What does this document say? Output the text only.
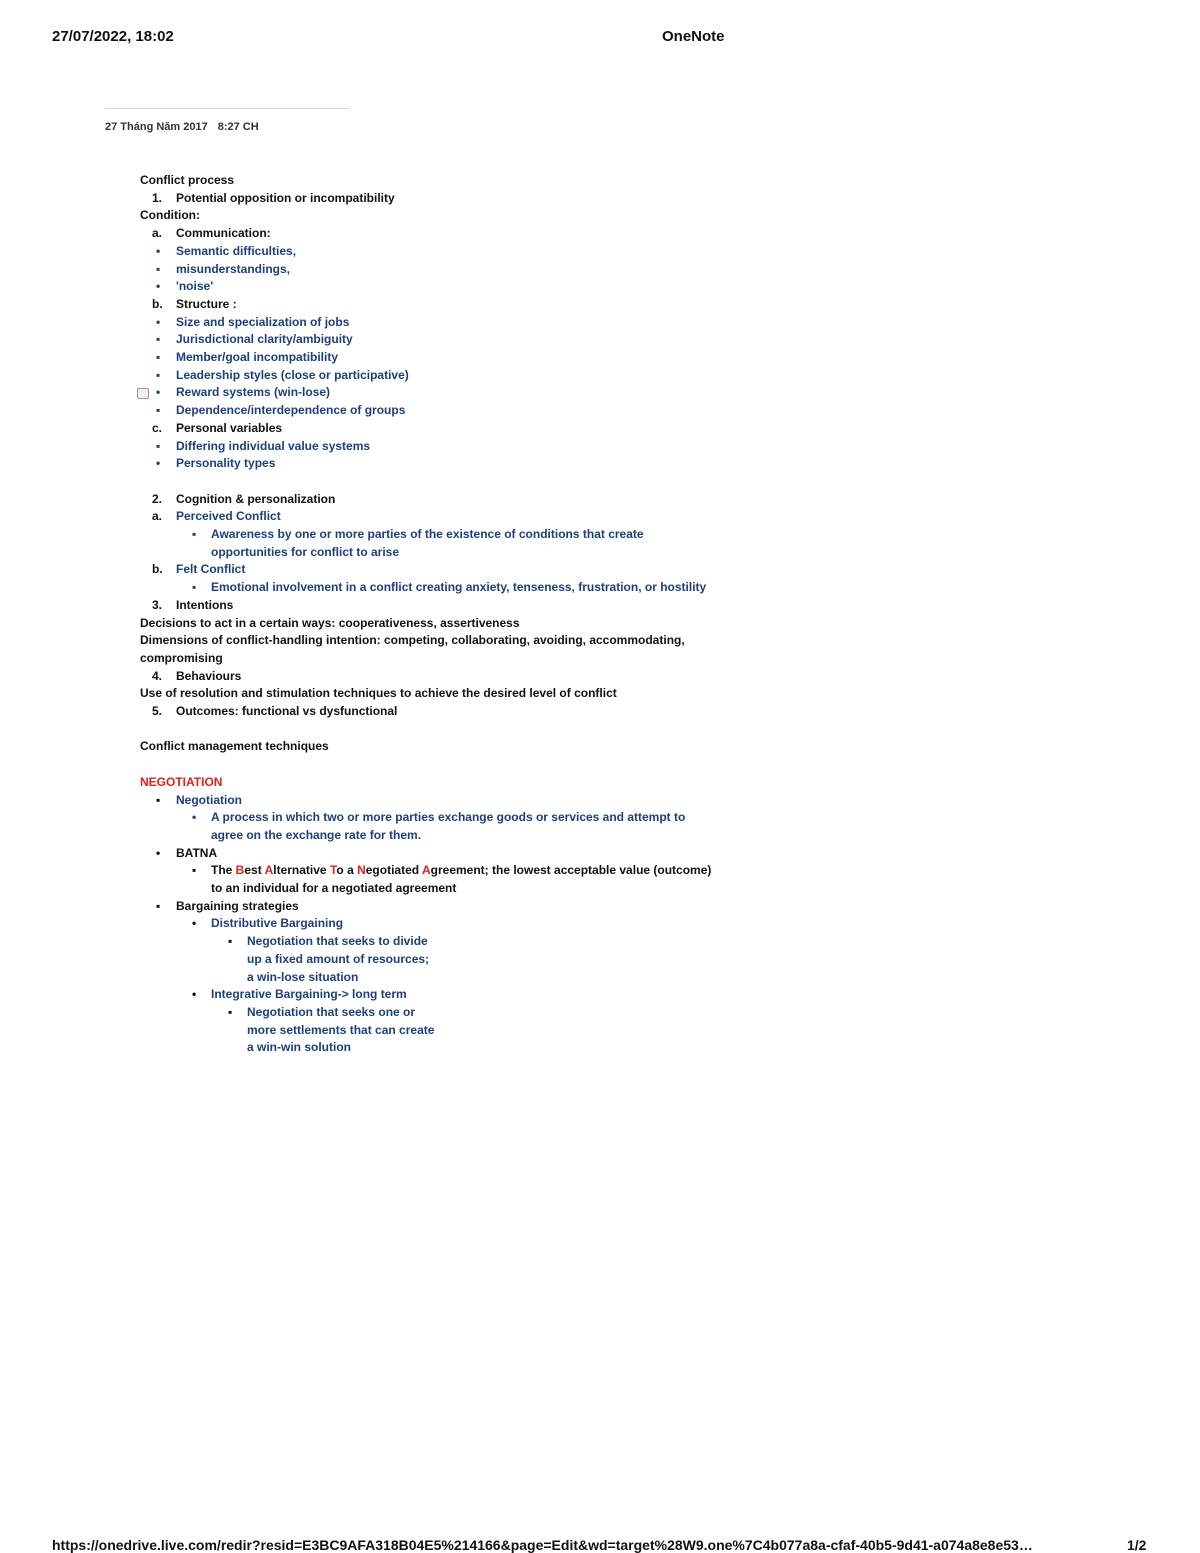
27/07/2022, 18:02	OneNote
27 Tháng Năm 2017 8:27 CH
Conflict process
1. Potential opposition or incompatibility
Condition:
a. Communication:
• Semantic difficulties,
▪ misunderstandings,
• 'noise'
b. Structure :
• Size and specialization of jobs
▪ Jurisdictional clarity/ambiguity
▪ Member/goal incompatibility
▪ Leadership styles (close or participative)
• Reward systems (win-lose)
▪ Dependence/interdependence of groups
c. Personal variables
▪ Differing individual value systems
• Personality types
2. Cognition & personalization
a. Perceived Conflict
▪ Awareness by one or more parties of the existence of conditions that create opportunities for conflict to arise
b. Felt Conflict
▪ Emotional involvement in a conflict creating anxiety, tenseness, frustration, or hostility
3. Intentions
Decisions to act in a certain ways: cooperativeness, assertiveness
Dimensions of conflict-handling intention: competing, collaborating, avoiding, accommodating, compromising
4. Behaviours
Use of resolution and stimulation techniques to achieve the desired level of conflict
5. Outcomes: functional vs dysfunctional
Conflict management techniques
NEGOTIATION
▪ Negotiation
• A process in which two or more parties exchange goods or services and attempt to agree on the exchange rate for them.
• BATNA
▪ The Best Alternative To a Negotiated Agreement; the lowest acceptable value (outcome) to an individual for a negotiated agreement
▪ Bargaining strategies
• Distributive Bargaining
▪ Negotiation that seeks to divide
up a fixed amount of resources;
a win-lose situation
• Integrative Bargaining-> long term
▪ Negotiation that seeks one or
more settlements that can create
a win-win solution
https://onedrive.live.com/redir?resid=E3BC9AFA318B04E5%214166&page=Edit&wd=target%28W9.one%7C4b077a8a-cfaf-40b5-9d41-a074a8e8e53…	1/2
